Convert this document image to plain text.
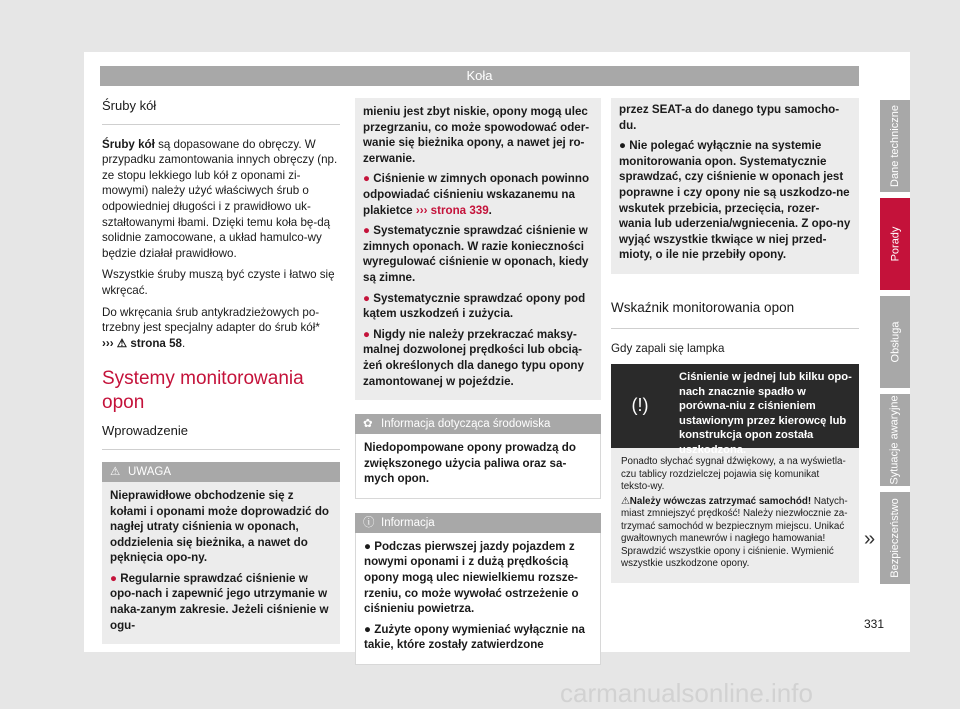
Koła
Śruby kół

Śruby kół są dopasowane do obręczy. W przypadku zamontowania innych obręczy (np. ze stopu lekkiego lub kół z oponami zi-mowymi) należy użyć właściwych śrub o odpowiedniej długości i z prawidłowo uk-ształtowanymi łbami. Dzięki temu koła bę-dą solidnie zamocowane, a układ hamulco-wy będzie działał prawidłowo.

Wszystkie śruby muszą być czyste i łatwo się wkręcać.

Do wkręcania śrub antykradzieżowych po-trzebny jest specjalny adapter do śrub kół*
››› ⚠ strona 58.

Systemy monitorowania opon
Wprowadzenie
⚠ UWAGA

Nieprawidłowe obchodzenie się z kołami i oponami może doprowadzić do nagłej utraty ciśnienia w oponach, oddzielenia się bieżnika, a nawet do pęknięcia opo-ny.

● Regularnie sprawdzać ciśnienie w opo-nach i zapewnić jego utrzymanie w naka-zanym zakresie. Jeżeli ciśnienie w ogu-

mieniu jest zbyt niskie, opony mogą ulec przegrzaniu, co może spowodować oder-wanie się bieżnika opony, a nawet jej ro-zerwanie.

● Ciśnienie w zimnych oponach powinno odpowiadać ciśnieniu wskazanemu na plakietce ››› strona 339.

● Systematycznie sprawdzać ciśnienie w zimnych oponach. W razie konieczności wyregulować ciśnienie w oponach, kiedy są zimne.

● Systematycznie sprawdzać opony pod kątem uszkodzeń i zużycia.

● Nigdy nie należy przekraczać maksy-malnej dozwolonej prędkości lub obcią-żeń określonych dla danego typu opony zamontowanej w pojeździe.

✿ Informacja dotycząca środowiska

Niedopompowane opony prowadzą do zwiększonego użycia paliwa oraz sa-mych opon.

ⓘ Informacja

● Podczas pierwszej jazdy pojazdem z nowymi oponami i z dużą prędkością opony mogą ulec niewielkiemu rozsze-rzeniu, co może wywołać ostrzeżenie o ciśnieniu powietrza.

● Zużyte opony wymieniać wyłącznie na takie, które zostały zatwierdzone

przez SEAT-a do danego typu samocho-du.

● Nie polegać wyłącznie na systemie monitorowania opon. Systematycznie sprawdzać, czy ciśnienie w oponach jest poprawne i czy opony nie są uszkodzo-ne wskutek przebicia, przecięcia, rozer-wania lub uderzenia/wgniecenia. Z opo-ny wyjąć wszystkie tkwiące w niej przed-mioty, o ile nie przebiły opony.

Wskaźnik monitorowania opon
Gdy zapali się lampka
(!)
Ciśnienie w jednej lub kilku opo-nach znacznie spadło w porówna-niu z ciśnieniem ustawionym przez kierowcę lub konstrukcja opon została uszkodzona.

Ponadto słychać sygnał dźwiękowy, a na wyświetla-czu tablicy rozdzielczej pojawia się komunikat teksto-wy.

⚠Należy wówczas zatrzymać samochód! Natych-miast zmniejszyć prędkość! Należy niezwłocznie za-trzymać samochód w bezpiecznym miejscu. Unikać gwałtownych manewrów i nagłego hamowania! Sprawdzić wszystkie opony i ciśnienie. Wymienić wszystkie uszkodzone opony.

Dane techniczne
Porady
Obsługa
Sytuacje awaryjne
Bezpieczeństwo
»
331
carmanualsonline.info
